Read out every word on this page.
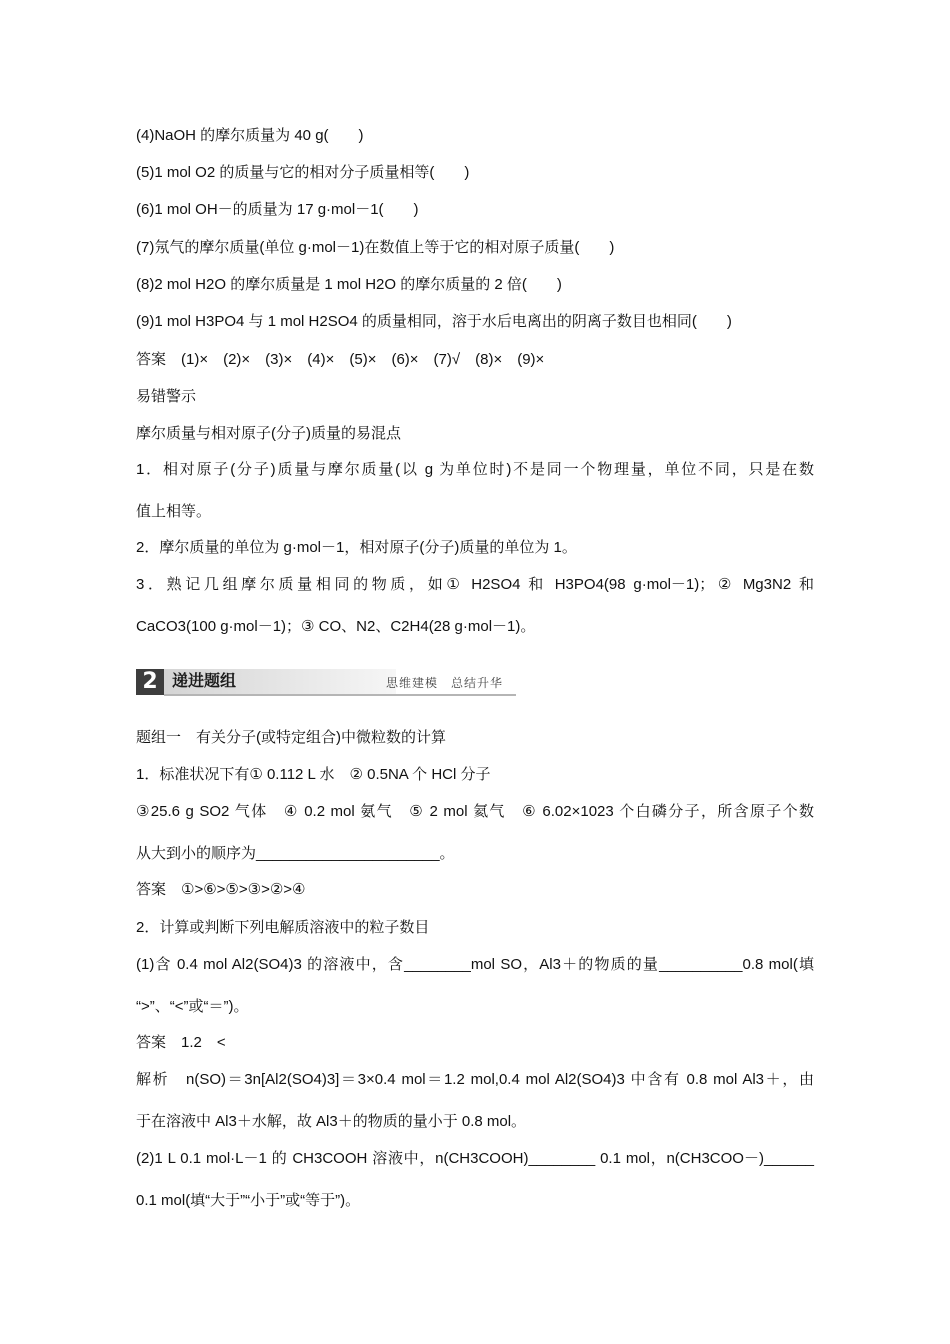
(4)NaOH 的摩尔质量为 40 g(　　)
(5)1 mol O2 的质量与它的相对分子质量相等(　　)
(6)1 mol OH－的质量为 17 g·mol－1(　　)
(7)氖气的摩尔质量(单位 g·mol－1)在数值上等于它的相对原子质量(　　)
(8)2 mol H2O 的摩尔质量是 1 mol H2O 的摩尔质量的 2 倍(　　)
(9)1 mol H3PO4 与 1 mol H2SO4 的质量相同，溶于水后电离出的阴离子数目也相同(　　)
答案　(1)×　(2)×　(3)×　(4)×　(5)×　(6)×　(7)√　(8)×　(9)×
易错警示
摩尔质量与相对原子(分子)质量的易混点
1．相对原子(分子)质量与摩尔质量(以 g 为单位时)不是同一个物理量，单位不同，只是在数
值上相等。
2．摩尔质量的单位为 g·mol－1，相对原子(分子)质量的单位为 1。
3．熟记几组摩尔质量相同的物质，如① H2SO4 和 H3PO4(98 g·mol－1)；② Mg3N2 和
CaCO3(100 g·mol－1)；③ CO、N2、C2H4(28 g·mol－1)。
2 递进题组	思维建模　总结升华
题组一　有关分子(或特定组合)中微粒数的计算
1．标准状况下有① 0.112 L 水　② 0.5NA 个 HCl 分子
③25.6 g SO2 气体　④ 0.2 mol 氨气　⑤ 2 mol 氦气　⑥ 6.02×1023 个白磷分子，所含原子个数
从大到小的顺序为______________________。
答案　①>⑥>⑤>③>②>④
2．计算或判断下列电解质溶液中的粒子数目
(1)含 0.4 mol Al2(SO4)3 的溶液中，含________mol SO，Al3＋的物质的量__________0.8 mol(填
“>”、“<”或“＝”)。
答案　1.2　<
解析　n(SO)＝3n[Al2(SO4)3]＝3×0.4 mol＝1.2 mol,0.4 mol Al2(SO4)3 中含有 0.8 mol Al3＋，由
于在溶液中 Al3＋水解，故 Al3＋的物质的量小于 0.8 mol。
(2)1 L 0.1 mol·L－1 的 CH3COOH 溶液中，n(CH3COOH)________ 0.1 mol，n(CH3COO－)______
0.1 mol(填“大于”“小于”或“等于”)。
